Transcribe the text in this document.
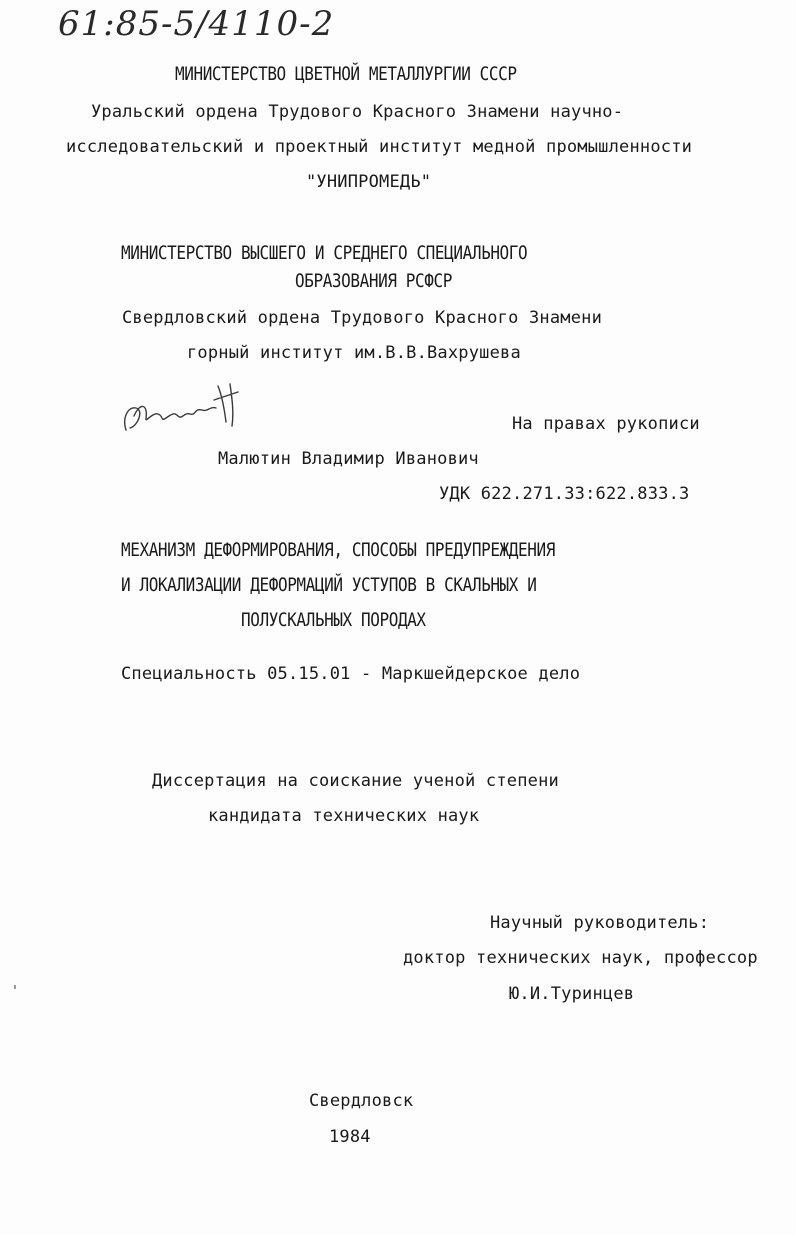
61:85-5/4110-2
МИНИСТЕРСТВО ЦВЕТНОЙ МЕТАЛЛУРГИИ СССР
Уральский ордена Трудового Красного Знамени научно-
исследовательский и проектный институт медной промышленности
"УНИПРОМЕДЬ"
МИНИСТЕРСТВО ВЫСШЕГО И СРЕДНЕГО СПЕЦИАЛЬНОГО
ОБРАЗОВАНИЯ РСФСР
Свердловский ордена Трудового Красного Знамени
горный институт им.В.В.Вахрушева
На правах рукописи
Малютин Владимир Иванович
УДК 622.271.33:622.833.3
МЕХАНИЗМ ДЕФОРМИРОВАНИЯ, СПОСОБЫ ПРЕДУПРЕЖДЕНИЯ
И ЛОКАЛИЗАЦИИ ДЕФОРМАЦИЙ УСТУПОВ В СКАЛЬНЫХ И
ПОЛУСКАЛЬНЫХ ПОРОДАХ
Специальность 05.15.01 - Маркшейдерское дело
Диссертация на соискание ученой степени
кандидата технических наук
Научный руководитель:
доктор технических наук, профессор
Ю.И.Туринцев
Свердловск
1984
